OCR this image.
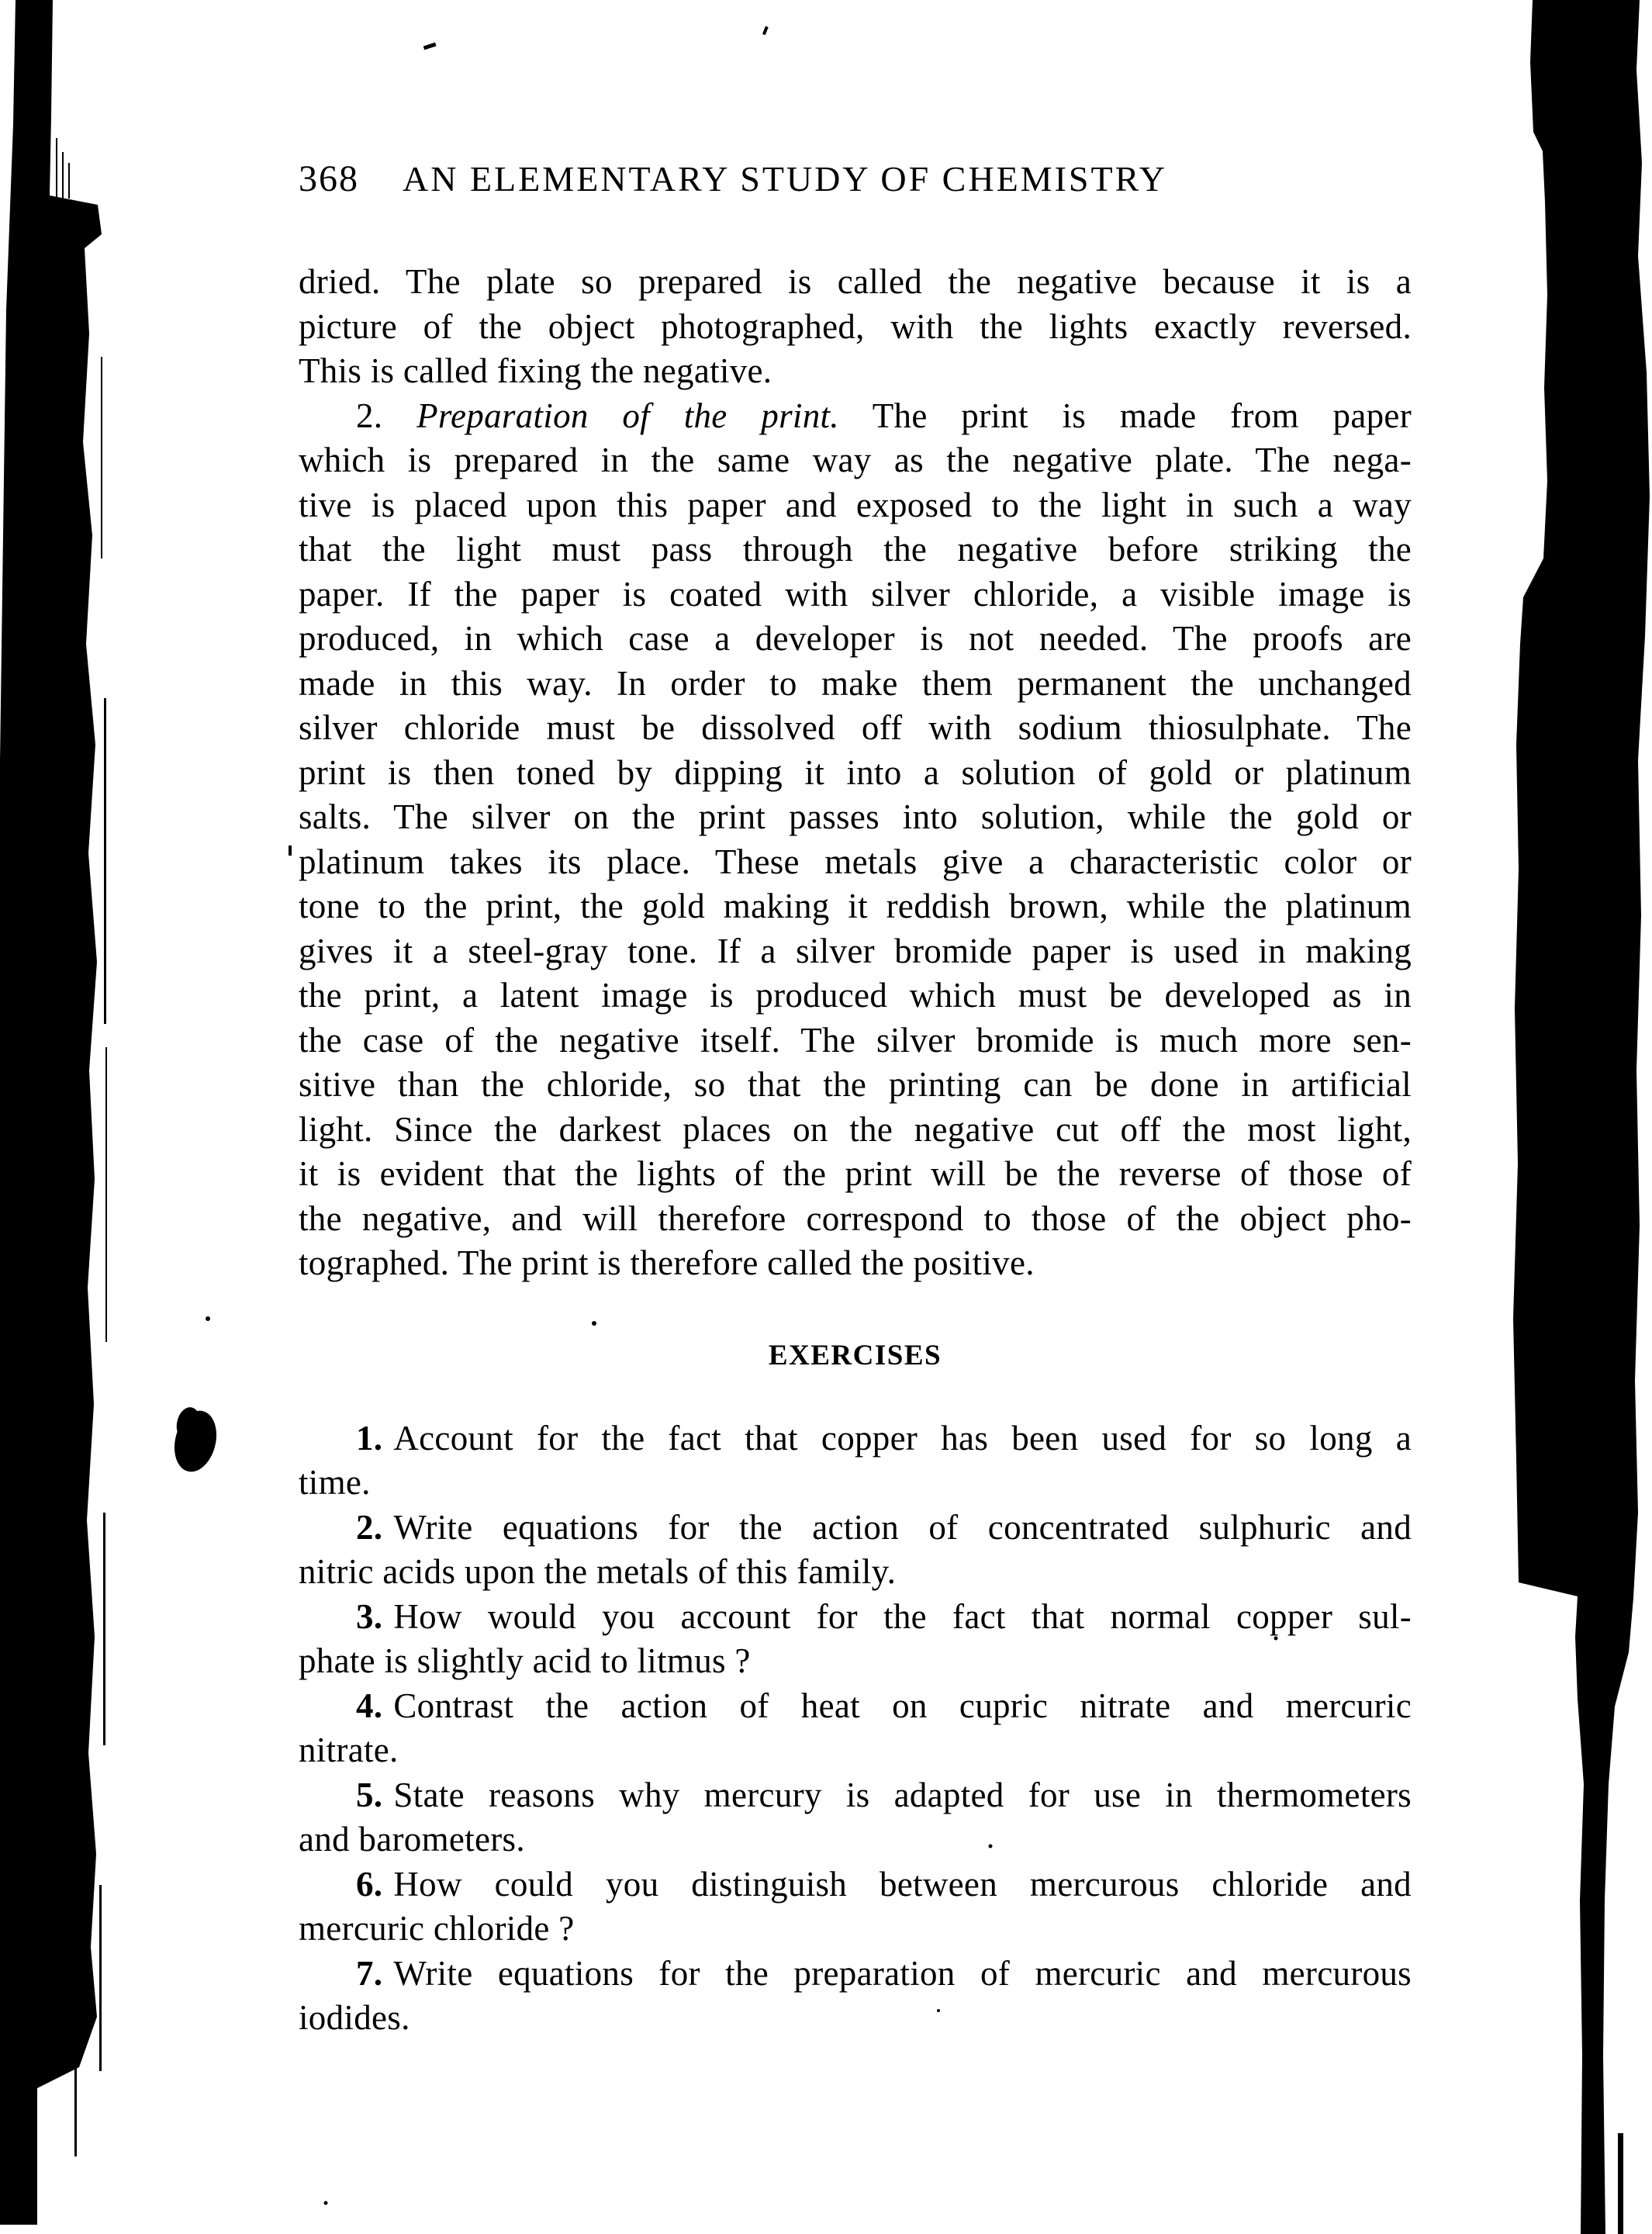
368 AN ELEMENTARY STUDY OF CHEMISTRY
dried. The plate so prepared is called the negative because it is a
picture of the object photographed, with the lights exactly reversed.
This is called fixing the negative.
2. Preparation of the print. The print is made from paper
which is prepared in the same way as the negative plate. The nega-
tive is placed upon this paper and exposed to the light in such a way
that the light must pass through the negative before striking the
paper. If the paper is coated with silver chloride, a visible image is
produced, in which case a developer is not needed. The proofs are
made in this way. In order to make them permanent the unchanged
silver chloride must be dissolved off with sodium thiosulphate. The
print is then toned by dipping it into a solution of gold or platinum
salts. The silver on the print passes into solution, while the gold or
platinum takes its place. These metals give a characteristic color or
tone to the print, the gold making it reddish brown, while the platinum
gives it a steel-gray tone. If a silver bromide paper is used in making
the print, a latent image is produced which must be developed as in
the case of the negative itself. The silver bromide is much more sen-
sitive than the chloride, so that the printing can be done in artificial
light. Since the darkest places on the negative cut off the most light,
it is evident that the lights of the print will be the reverse of those of
the negative, and will therefore correspond to those of the object pho-
tographed. The print is therefore called the positive.
EXERCISES
1. Account for the fact that copper has been used for so long a
time.
2. Write equations for the action of concentrated sulphuric and
nitric acids upon the metals of this family.
3. How would you account for the fact that normal copper sul-
phate is slightly acid to litmus ?
4. Contrast the action of heat on cupric nitrate and mercuric
nitrate.
5. State reasons why mercury is adapted for use in thermometers
and barometers.
6. How could you distinguish between mercurous chloride and
mercuric chloride ?
7. Write equations for the preparation of mercuric and mercurous
iodides.
